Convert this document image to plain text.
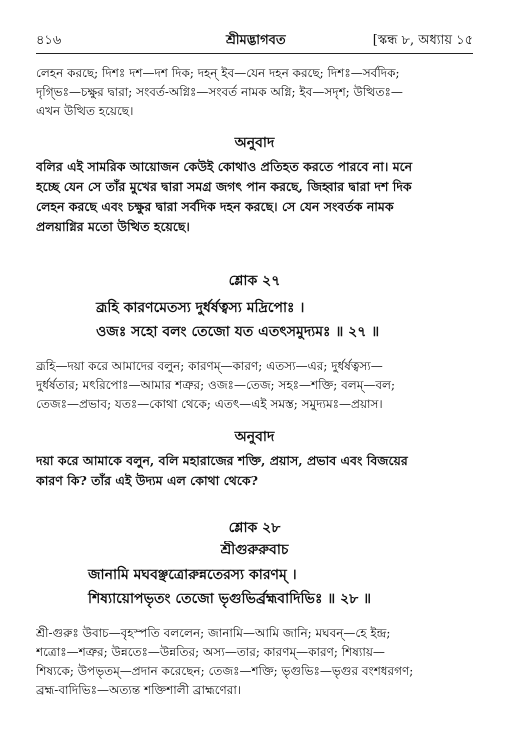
৪১৬	শ্রীমদ্ভাগবত	[স্কন্ধ ৮, অধ্যায় ১৫
লেহন করছে; দিশঃ দশ—দশ দিক; দহন্ ইব—যেন দহন করছে; দিশঃ—সর্বদিক;
দৃগ্ভিঃ—চক্ষুর দ্বারা; সংবর্ত-অগ্নিঃ—সংবর্ত নামক অগ্নি; ইব—সদৃশ; উত্থিতঃ—
এখন উত্থিত হয়েছে।
অনুবাদ
বলির এই সামরিক আয়োজন কেউই কোথাও প্রতিহত করতে পারবে না। মনে
হচ্ছে যেন সে তাঁর মুখের দ্বারা সমগ্র জগৎ পান করছে, জিহ্বার দ্বারা দশ দিক
লেহন করছে এবং চক্ষুর দ্বারা সর্বদিক দহন করছে। সে যেন সংবর্তক নামক
প্রলয়াগ্নির মতো উত্থিত হয়েছে।
শ্লোক ২৭
ব্রূহি কারণমেতস্য দুর্ধর্ষত্বস্য মদ্রিপোঃ ।
ওজঃ সহো বলং তেজো যত এতৎসমুদ্যমঃ ॥ ২৭ ॥
ব্রূহি—দয়া করে আমাদের বলুন; কারণম্—কারণ; এতস্য—এর; দুর্ধর্ষত্বস্য—
দুর্ধর্ষতার; মৎরিপোঃ—আমার শত্রুর; ওজঃ—তেজ; সহঃ—শক্তি; বলম্—বল;
তেজঃ—প্রভাব; যতঃ—কোথা থেকে; এতৎ—এই সমস্ত; সমুদ্যমঃ—প্রয়াস।
অনুবাদ
দয়া করে আমাকে বলুন, বলি মহারাজের শক্তি, প্রয়াস, প্রভাব এবং বিজয়ের
কারণ কি? তাঁর এই উদ্যম এল কোথা থেকে?
শ্লোক ২৮
শ্রীগুরুরুবাচ
জানামি মঘবঞ্ছত্রোরুন্নতেরস্য কারণম্ ।
শিষ্যায়োপভৃতং তেজো ভৃগুভির্ব্রহ্মবাদিভিঃ ॥ ২৮ ॥
শ্রী-গুরুঃ উবাচ—বৃহস্পতি বললেন; জানামি—আমি জানি; মঘবন্—হে ইন্দ্র;
শত্রোঃ—শত্রুর; উন্নতেঃ—উন্নতির; অস্য—তার; কারণম্—কারণ; শিষ্যায়—
শিষ্যকে; উপভৃতম্—প্রদান করেছেন; তেজঃ—শক্তি; ভৃগুভিঃ—ভৃগুর বংশধরগণ;
ব্রহ্ম-বাদিভিঃ—অত্যন্ত শক্তিশালী ব্রাহ্মণেরা।
